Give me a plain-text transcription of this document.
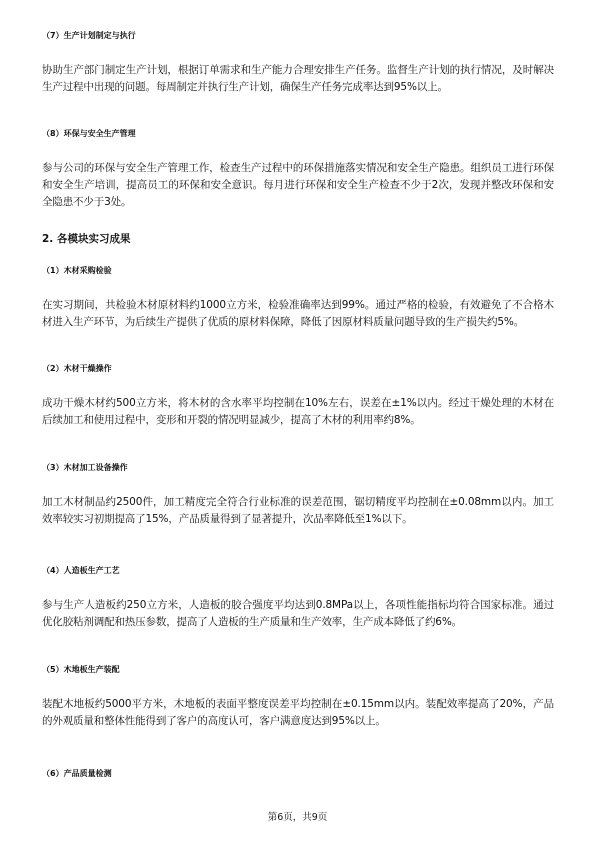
（7）生产计划制定与执行
协助生产部门制定生产计划，根据订单需求和生产能力合理安排生产任务。监督生产计划的执行情况，及时解决生产过程中出现的问题。每周制定并执行生产计划，确保生产任务完成率达到95%以上。
（8）环保与安全生产管理
参与公司的环保与安全生产管理工作，检查生产过程中的环保措施落实情况和安全生产隐患。组织员工进行环保和安全生产培训，提高员工的环保和安全意识。每月进行环保和安全生产检查不少于2次，发现并整改环保和安全隐患不少于3处。
2. 各模块实习成果
（1）木材采购检验
在实习期间，共检验木材原材料约1000立方米，检验准确率达到99%。通过严格的检验，有效避免了不合格木材进入生产环节，为后续生产提供了优质的原材料保障，降低了因原材料质量问题导致的生产损失约5%。
（2）木材干燥操作
成功干燥木材约500立方米，将木材的含水率平均控制在10%左右，误差在±1%以内。经过干燥处理的木材在后续加工和使用过程中，变形和开裂的情况明显减少，提高了木材的利用率约8%。
（3）木材加工设备操作
加工木材制品约2500件，加工精度完全符合行业标准的误差范围，锯切精度平均控制在±0.08mm以内。加工效率较实习初期提高了15%，产品质量得到了显著提升，次品率降低至1%以下。
（4）人造板生产工艺
参与生产人造板约250立方米，人造板的胶合强度平均达到0.8MPa以上，各项性能指标均符合国家标准。通过优化胶粘剂调配和热压参数，提高了人造板的生产质量和生产效率，生产成本降低了约6%。
（5）木地板生产装配
装配木地板约5000平方米，木地板的表面平整度误差平均控制在±0.15mm以内。装配效率提高了20%，产品的外观质量和整体性能得到了客户的高度认可，客户满意度达到95%以上。
（6）产品质量检测
第6页，共9页
